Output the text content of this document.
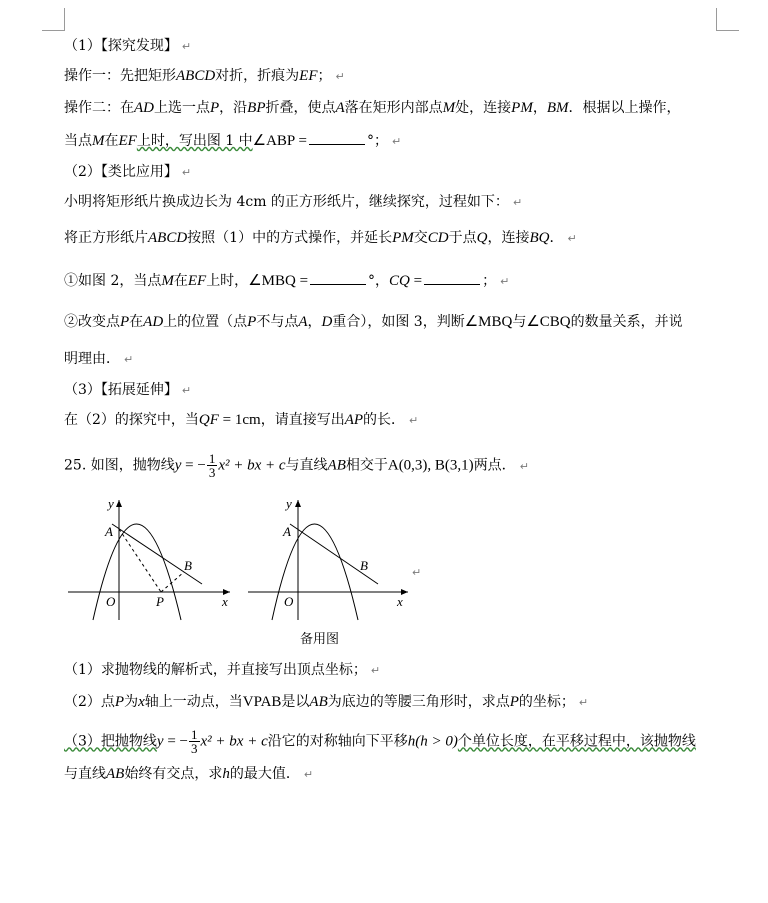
（1）【探究发现】 ↵
操作一：先把矩形ABCD对折，折痕为EF； ↵
操作二：在AD上选一点P，沿BP折叠，使点A落在矩形内部点M处，连接PM，BM．根据以上操作，
当点M在EF上时，写出图 1 中∠ABP =	°； ↵
（2）【类比应用】 ↵
小明将矩形纸片换成边长为 4cm 的正方形纸片，继续探究，过程如下： ↵
将正方形纸片ABCD按照（1）中的方式操作，并延长PM交CD于点Q，连接BQ． ↵
①如图 2，当点M在EF上时，∠MBQ =	°，CQ =	； ↵
②改变点P在AD上的位置（点P不与点A，D重合），如图 3，判断∠MBQ与∠CBQ的数量关系，并说
明理由． ↵
（3）【拓展延伸】 ↵
在（2）的探究中，当QF = 1cm，请直接写出AP的长． ↵
25. 如图，抛物线y = − $\frac{1}{3} x^2$ + bx + c与直线AB相交于A(0,3), B(3,1)两点． ↵
y
x
O
A
B
P
y
x
O
A
B	↵
备用图
（1）求抛物线的解析式，并直接写出顶点坐标； ↵
（2）点P为x轴上一动点，当VPAB是以AB为底边的等腰三角形时，求点P的坐标； ↵
（3）把抛物线y = − $\frac{1}{3} x^2$ + bx + c沿它的对称轴向下平移h(h > 0)个单位长度，在平移过程中，该抛物线
与直线AB始终有交点，求h的最大值． ↵
